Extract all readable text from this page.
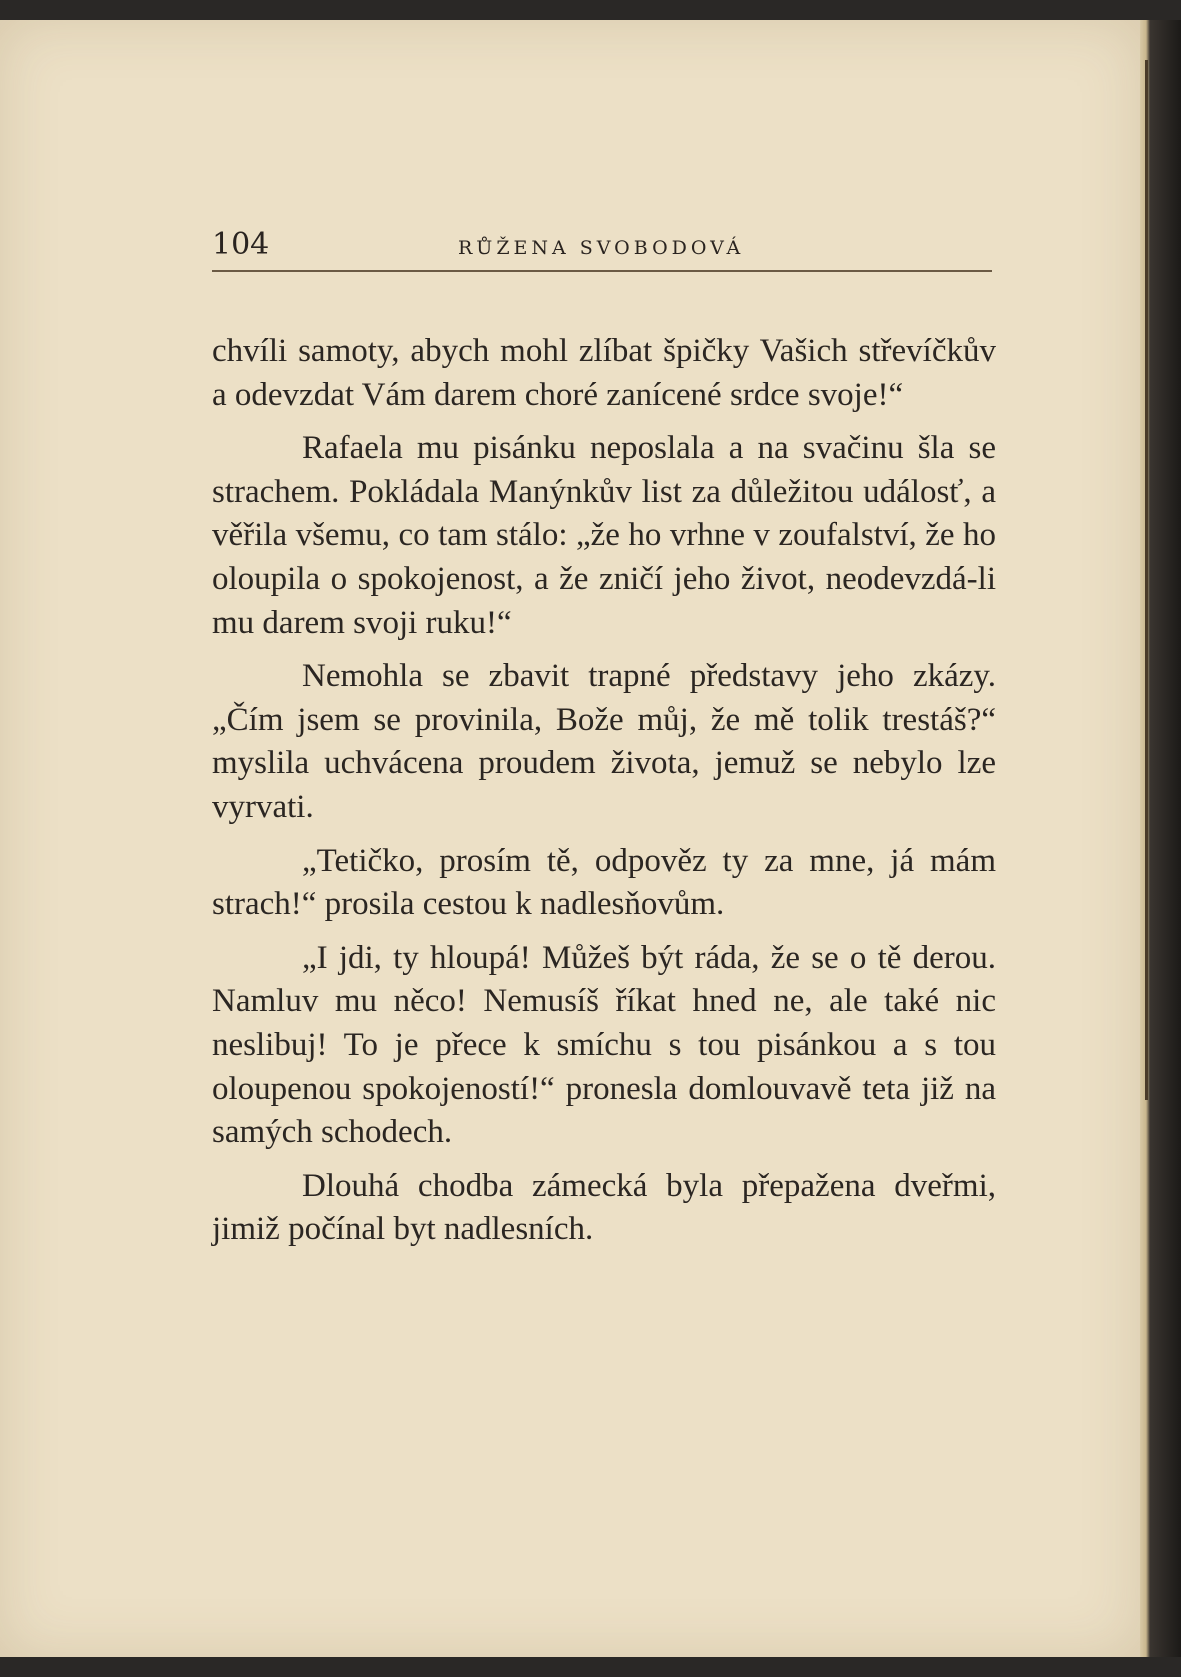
104	RŮŽENA SVOBODOVÁ

chvíli samoty, abych mohl zlíbat špičky Vašich střevíčkův a odevzdat Vám darem choré zanícené srdce svoje!“

Rafaela mu pisánku neposlala a na svačinu šla se strachem. Pokládala Manýnkův list za důležitou událosť, a věřila všemu, co tam stálo: „že ho vrhne v zoufalství, že ho oloupila o spokojenost, a že zničí jeho život, neodevzdá-li mu darem svoji ruku!“

Nemohla se zbavit trapné představy jeho zkázy. „Čím jsem se provinila, Bože můj, že mě tolik trestáš?“ myslila uchvácena proudem života, jemuž se nebylo lze vyrvati.

„Tetičko, prosím tě, odpověz ty za mne, já mám strach!“ prosila cestou k nadlesňovům.

„I jdi, ty hloupá! Můžeš být ráda, že se o tě derou. Namluv mu něco! Nemusíš říkat hned ne, ale také nic neslibuj! To je přece k smíchu s tou pisánkou a s tou oloupenou spokojeností!“ pronesla domlouvavě teta již na samých schodech.

Dlouhá chodba zámecká byla přepažena dveřmi, jimiž počínal byt nadlesních.
